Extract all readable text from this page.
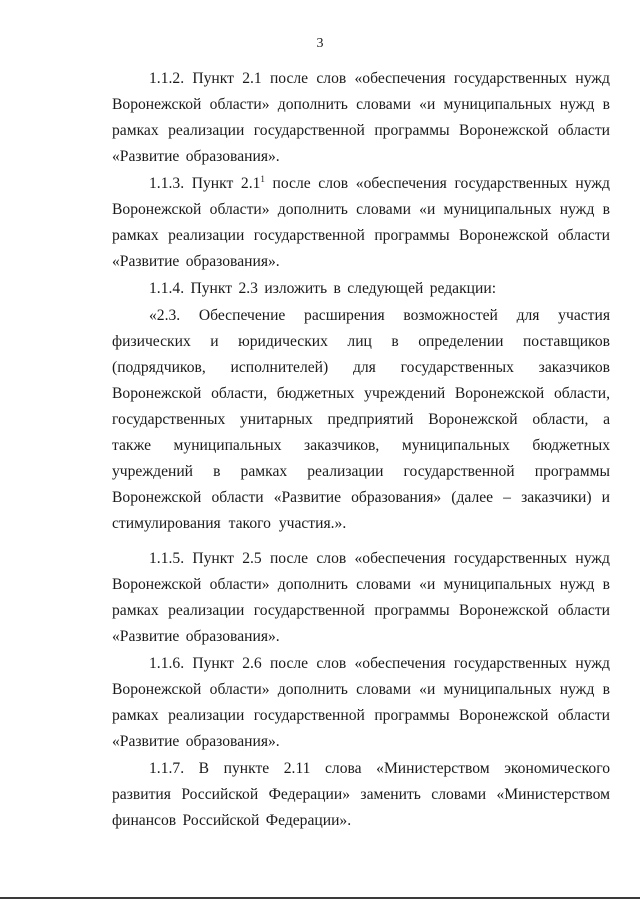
3

1.1.2. Пункт 2.1 после слов «обеспечения государственных нужд Воронежской области» дополнить словами «и муниципальных нужд в рамках реализации государственной программы Воронежской области «Развитие образования».

1.1.3. Пункт $2.1^1$ после слов «обеспечения государственных нужд Воронежской области» дополнить словами «и муниципальных нужд в рамках реализации государственной программы Воронежской области «Развитие образования».

1.1.4. Пункт 2.3 изложить в следующей редакции:

«2.3. Обеспечение расширения возможностей для участия физических и юридических лиц в определении поставщиков (подрядчиков, исполнителей) для государственных заказчиков Воронежской области, бюджетных учреждений Воронежской области, государственных унитарных предприятий Воронежской области, а также муниципальных заказчиков, муниципальных бюджетных учреждений в рамках реализации государственной программы Воронежской области «Развитие образования» (далее – заказчики) и стимулирования такого участия.».

1.1.5. Пункт 2.5 после слов «обеспечения государственных нужд Воронежской области» дополнить словами «и муниципальных нужд в рамках реализации государственной программы Воронежской области «Развитие образования».

1.1.6. Пункт 2.6 после слов «обеспечения государственных нужд Воронежской области» дополнить словами «и муниципальных нужд в рамках реализации государственной программы Воронежской области «Развитие образования».

1.1.7. В пункте 2.11 слова «Министерством экономического развития Российской Федерации» заменить словами «Министерством финансов Российской Федерации».
